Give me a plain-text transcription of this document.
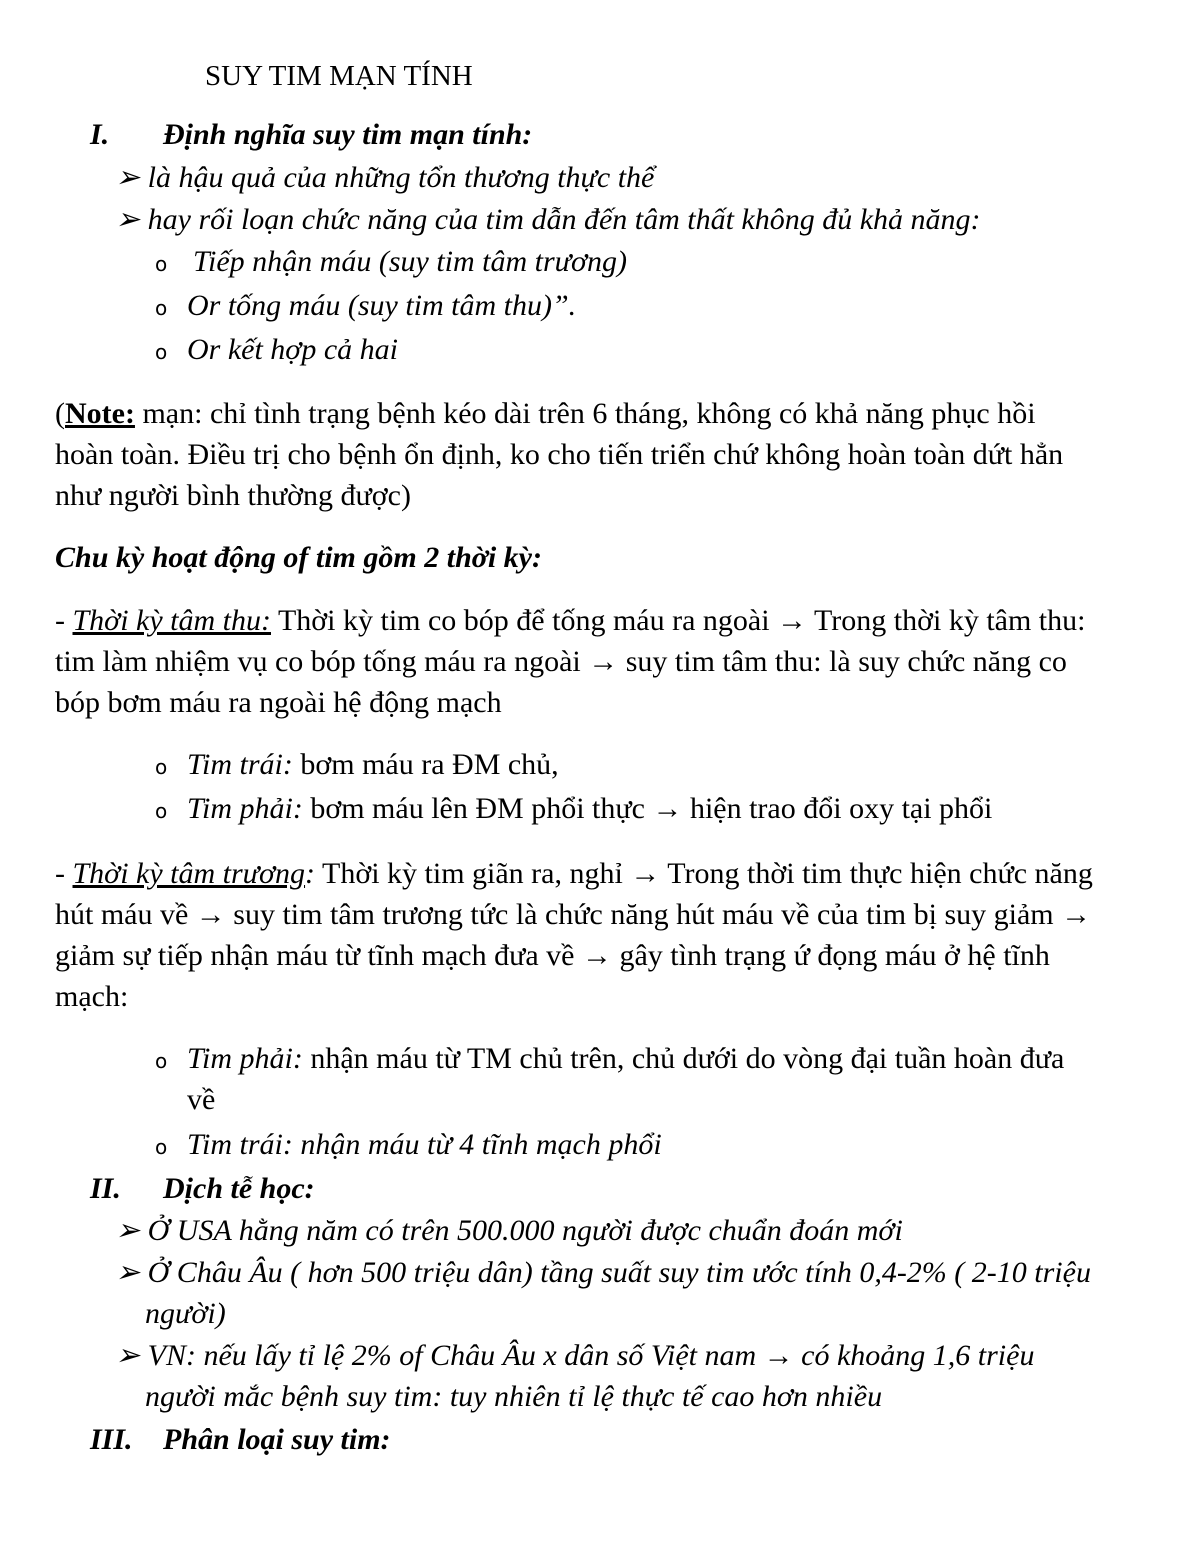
SUY TIM MẠN TÍNH
I. Định nghĩa suy tim mạn tính:
➢ là hậu quả của những tổn thương thực thể
➢ hay rối loạn chức năng của tim dẫn đến tâm thất không đủ khả năng:
o Tiếp nhận máu (suy tim tâm trương)
o Or tống máu (suy tim tâm thu)”.
o Or kết hợp cả hai
(Note: mạn: chỉ tình trạng bệnh kéo dài trên 6 tháng, không có khả năng phục hồi
hoàn toàn. Điều trị cho bệnh ổn định, ko cho tiến triển chứ không hoàn toàn dứt hẳn
như người bình thường được)
Chu kỳ hoạt động of tim gồm 2 thời kỳ:
- Thời kỳ tâm thu: Thời kỳ tim co bóp để tống máu ra ngoài → Trong thời kỳ tâm thu:
tim làm nhiệm vụ co bóp tống máu ra ngoài → suy tim tâm thu: là suy chức năng co
bóp bơm máu ra ngoài hệ động mạch
o Tim trái: bơm máu ra ĐM chủ,
o Tim phải: bơm máu lên ĐM phổi thực → hiện trao đổi oxy tại phổi
- Thời kỳ tâm trương: Thời kỳ tim giãn ra, nghỉ → Trong thời tim thực hiện chức năng
hút máu về → suy tim tâm trương tức là chức năng hút máu về của tim bị suy giảm →
giảm sự tiếp nhận máu từ tĩnh mạch đưa về → gây tình trạng ứ đọng máu ở hệ tĩnh
mạch:
o Tim phải: nhận máu từ TM chủ trên, chủ dưới do vòng đại tuần hoàn đưa
về
o Tim trái: nhận máu từ 4 tĩnh mạch phổi
II. Dịch tễ học:
➢ Ở USA hằng năm có trên 500.000 người được chuẩn đoán mới
➢ Ở Châu Âu ( hơn 500 triệu dân) tầng suất suy tim ước tính 0,4-2% ( 2-10 triệu
người)
➢ VN: nếu lấy tỉ lệ 2% of Châu Âu x dân số Việt nam → có khoảng 1,6 triệu
người mắc bệnh suy tim: tuy nhiên tỉ lệ thực tế cao hơn nhiều
III. Phân loại suy tim:
